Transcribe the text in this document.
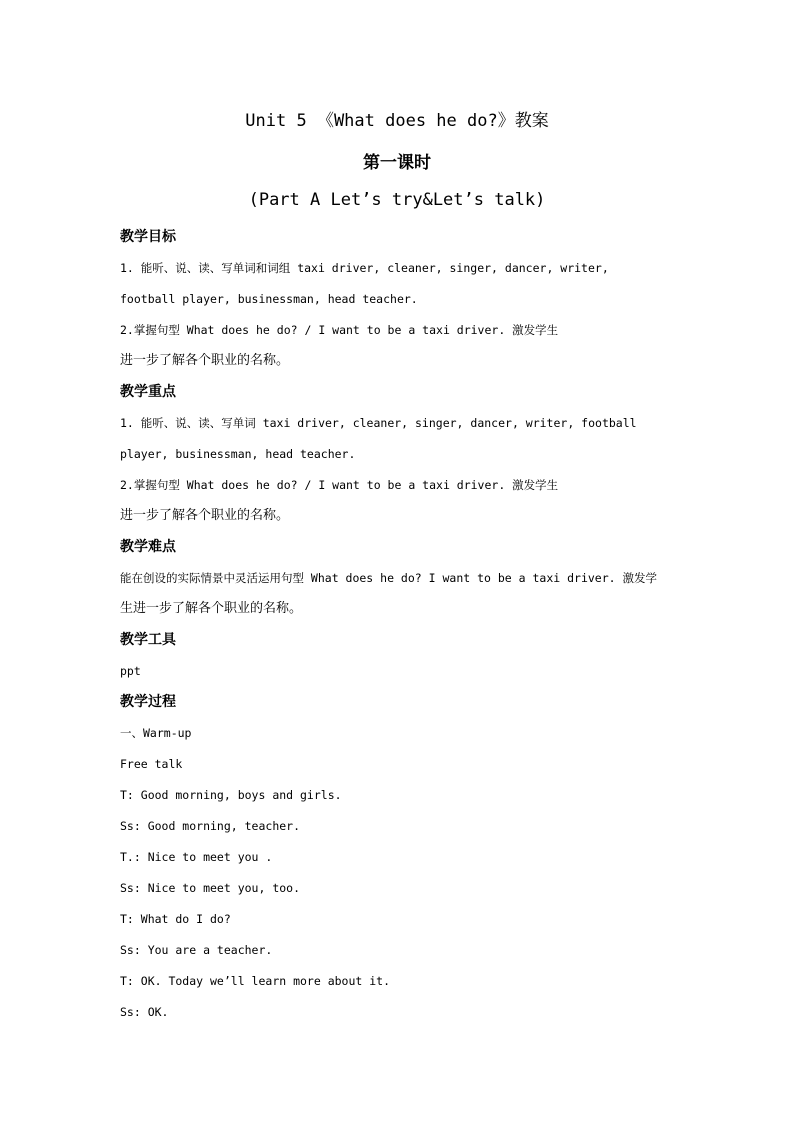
Unit 5 《What does he do?》教案
第一课时
(Part A Let’s try&Let’s talk)
教学目标
1. 能听、说、读、写单词和词组 taxi driver, cleaner, singer, dancer, writer,
football player, businessman, head teacher.
2.掌握句型 What does he do? / I want to be a taxi driver. 激发学生
进一步了解各个职业的名称。
教学重点
1. 能听、说、读、写单词 taxi driver, cleaner, singer, dancer, writer, football
player, businessman, head teacher.
2.掌握句型 What does he do? / I want to be a taxi driver. 激发学生
进一步了解各个职业的名称。
教学难点
能在创设的实际情景中灵活运用句型 What does he do? I want to be a taxi driver. 激发学
生进一步了解各个职业的名称。
教学工具
ppt
教学过程
一、Warm-up
Free talk
T: Good morning, boys and girls.
Ss: Good morning, teacher.
T.: Nice to meet you .
Ss: Nice to meet you, too.
T: What do I do?
Ss: You are a teacher.
T: OK. Today we’ll learn more about it.
Ss: OK.
